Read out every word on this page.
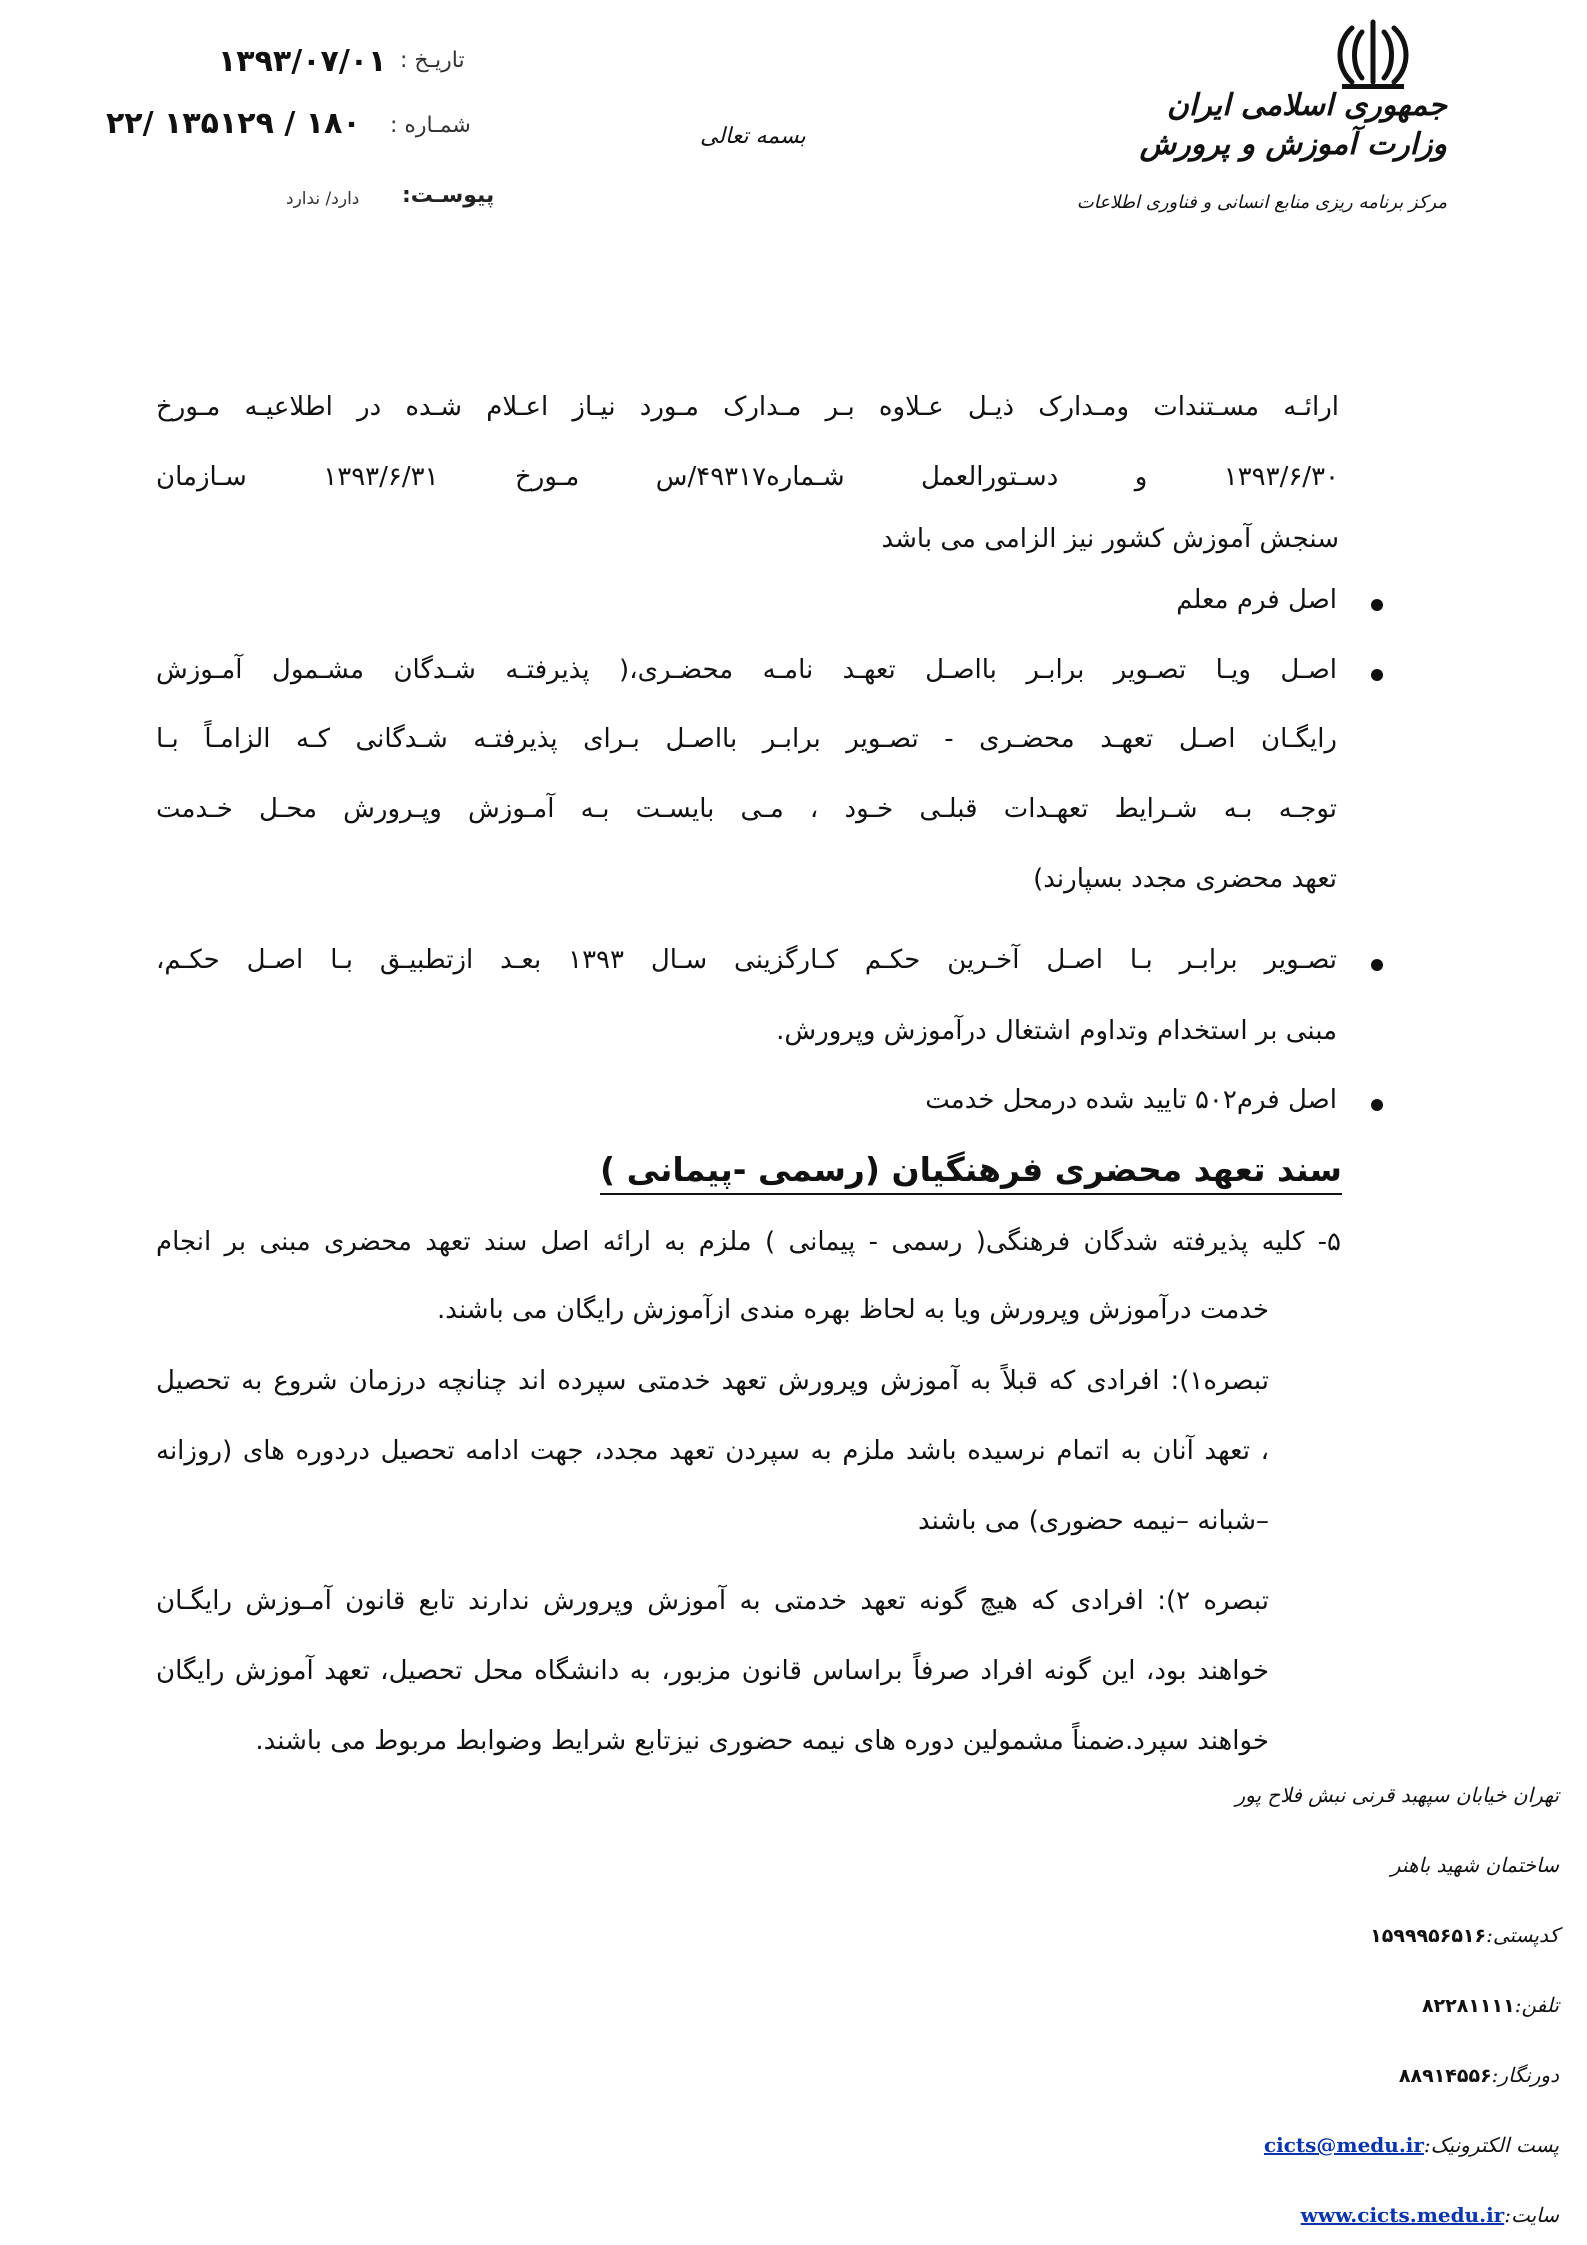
جمهوری اسلامی ایران
وزارت آموزش و پرورش
مرکز برنامه ریزی منابع انسانی و فناوری اطلاعات
بسمه تعالی
تاریـخ :
۱۳۹۳/۰۷/۰۱
شمـاره :
۱۸۰ / ۱۳۵۱۲۹ /۲۲
پیوسـت:
دارد/ ندارد
ارائـه مسـتندات ومـدارک ذیـل عـلاوه بـر مـدارک مـورد نیـاز اعـلام شـده در اطلاعیـه مـورخ
۱۳۹۳/۶/۳۰ و دسـتورالعمل شـماره۴۹۳۱۷/س مـورخ ۱۳۹۳/۶/۳۱ سـازمان
سنجش آموزش کشور نیز الزامی می باشد
اصل فرم معلم
اصـل ویـا تصـویر برابـر بااصـل تعهـد نامـه محضـری،( پذیرفتـه شـدگان مشـمول آمـوزش
رایگـان اصـل تعهـد محضـری - تصـویر برابـر بااصـل بـرای پذیرفتـه شـدگانی کـه الزامـاً بـا
توجـه بـه شـرایط تعهـدات قبلـی خـود ، مـی بایسـت بـه آمـوزش وپـرورش محـل خـدمت
تعهد محضری مجدد بسپارند)
تصـویر برابـر بـا اصـل آخـرین حکـم کـارگزینی سـال ۱۳۹۳ بعـد ازتطبیـق بـا اصـل حکـم،
مبنی بر استخدام وتداوم اشتغال درآموزش وپرورش.
اصل فرم۵۰۲ تایید شده درمحل خدمت
سند تعهد محضری فرهنگیان (رسمی -پیمانی )
۵- کلیه پذیرفته شدگان فرهنگی( رسمی - پیمانی ) ملزم به ارائه اصل سند تعهد محضری مبنی بر انجام
خدمت درآموزش وپرورش ویا به لحاظ بهره مندی ازآموزش رایگان می باشند.
تبصره۱): افرادی که قبلاً به آموزش وپرورش تعهد خدمتی سپرده اند چنانچه درزمان شروع به تحصیل
، تعهد آنان به اتمام نرسیده باشد ملزم به سپردن تعهد مجدد، جهت ادامه تحصیل دردوره های (روزانه
–شبانه –نیمه حضوری) می باشند
تبصره ۲): افرادی که هیچ گونه تعهد خدمتی به آموزش وپرورش ندارند تابع قانون آمـوزش رایگـان
خواهند بود، این گونه افراد صرفاً براساس قانون مزبور، به دانشگاه محل تحصیل، تعهد آموزش رایگان
خواهند سپرد.ضمناً مشمولین دوره های نیمه حضوری نیزتابع شرایط وضوابط مربوط می باشند.
تهران خیابان سپهبد قرنی نبش فلاح پور
ساختمان شهید باهنر
کدپستی:۱۵۹۹۹۵۶۵۱۶
تلفن:۸۲۲۸۱۱۱۱
دورنگار:۸۸۹۱۴۵۵۶
پست الکترونیک:cicts@medu.ir
سایت:www.cicts.medu.ir
